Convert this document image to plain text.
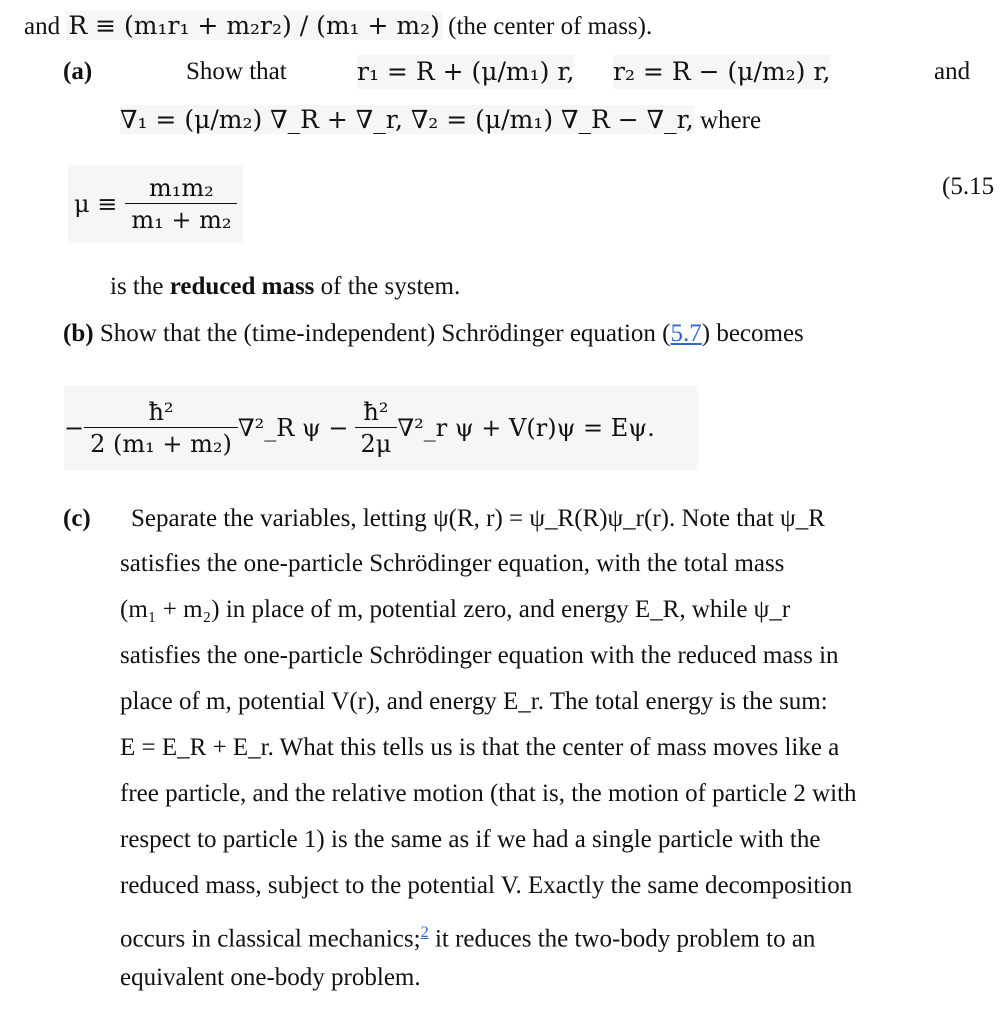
and R ≡ (m₁r₁ + m₂r₂) / (m₁ + m₂) (the center of mass).
(a)	Show that	r₁ = R + (μ/m₁) r, r₂ = R − (μ/m₂) r,	and
∇₁ = (μ/m₂) ∇_R + ∇_r, ∇₂ = (μ/m₁) ∇_R − ∇_r, where
$\mu \equiv \frac{\text{m₁m₂}}{\text{m₁ + m₂}}$	(5.15
is the reduced mass of the system.
(b) Show that the (time-independent) Schrödinger equation (5.7) becomes
− $\frac{\text{ħ²}}{\text{2 (m₁ + m₂)}}$ ∇²_R $\psi - \frac{\text{ħ²}}{2\mu}$ ∇²_r ψ + V(r)ψ = Eψ.
(c) Separate the variables, letting ψ(R, r) = ψ_R(R)ψ_r(r). Note that ψ_R
satisfies the one-particle Schrödinger equation, with the total mass
(m₁ + m₂) in place of m, potential zero, and energy E_R, while ψ_r
satisfies the one-particle Schrödinger equation with the reduced mass in
place of m, potential V(r), and energy E_r. The total energy is the sum:
E = E_R + E_r. What this tells us is that the center of mass moves like a
free particle, and the relative motion (that is, the motion of particle 2 with
respect to particle 1) is the same as if we had a single particle with the
reduced mass, subject to the potential V. Exactly the same decomposition
occurs in classical mechanics;$^2$ it reduces the two-body problem to an
equivalent one-body problem.
